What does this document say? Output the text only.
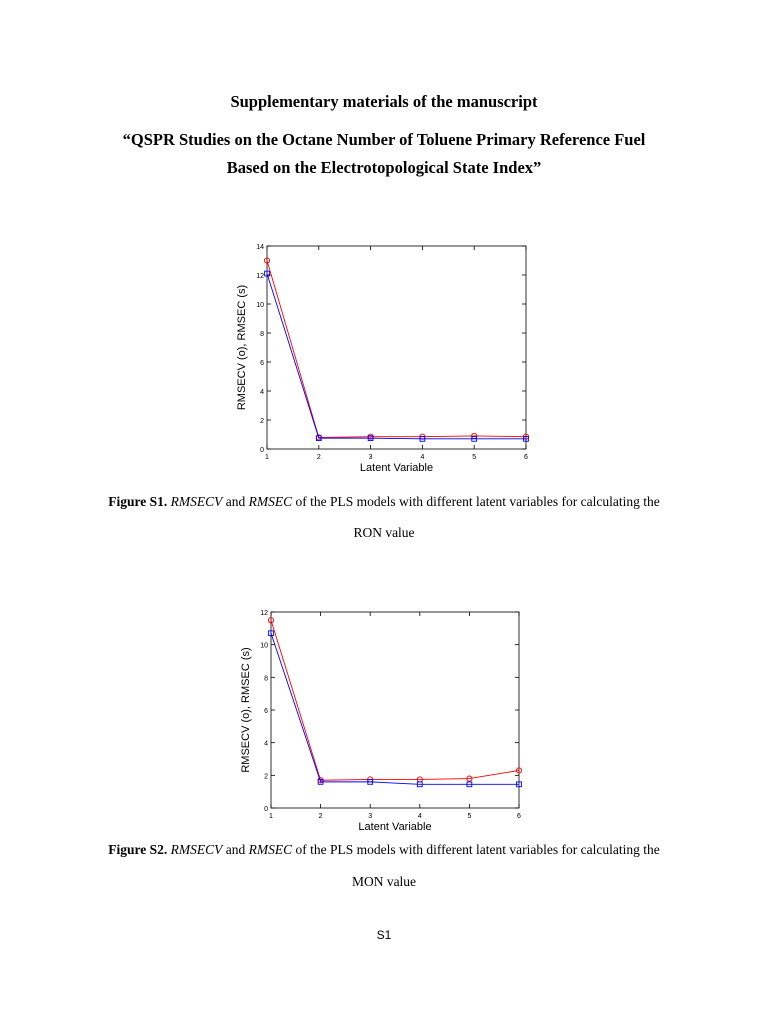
Supplementary materials of the manuscript
“QSPR Studies on the Octane Number of Toluene Primary Reference Fuel
Based on the Electrotopological State Index”
0
2
4
6
8
10
12
14
1	2	3	4	5	6
Latent Variable
RMSECV (o), RMSEC (s)
Figure S1. RMSECV and RMSEC of the PLS models with different latent variables for calculating the
RON value
0
2
4
6
8
10
12
1	2	3	4	5	6
Latent Variable
RMSECV (o), RMSEC (s)
Figure S2. RMSECV and RMSEC of the PLS models with different latent variables for calculating the
MON value
S1
